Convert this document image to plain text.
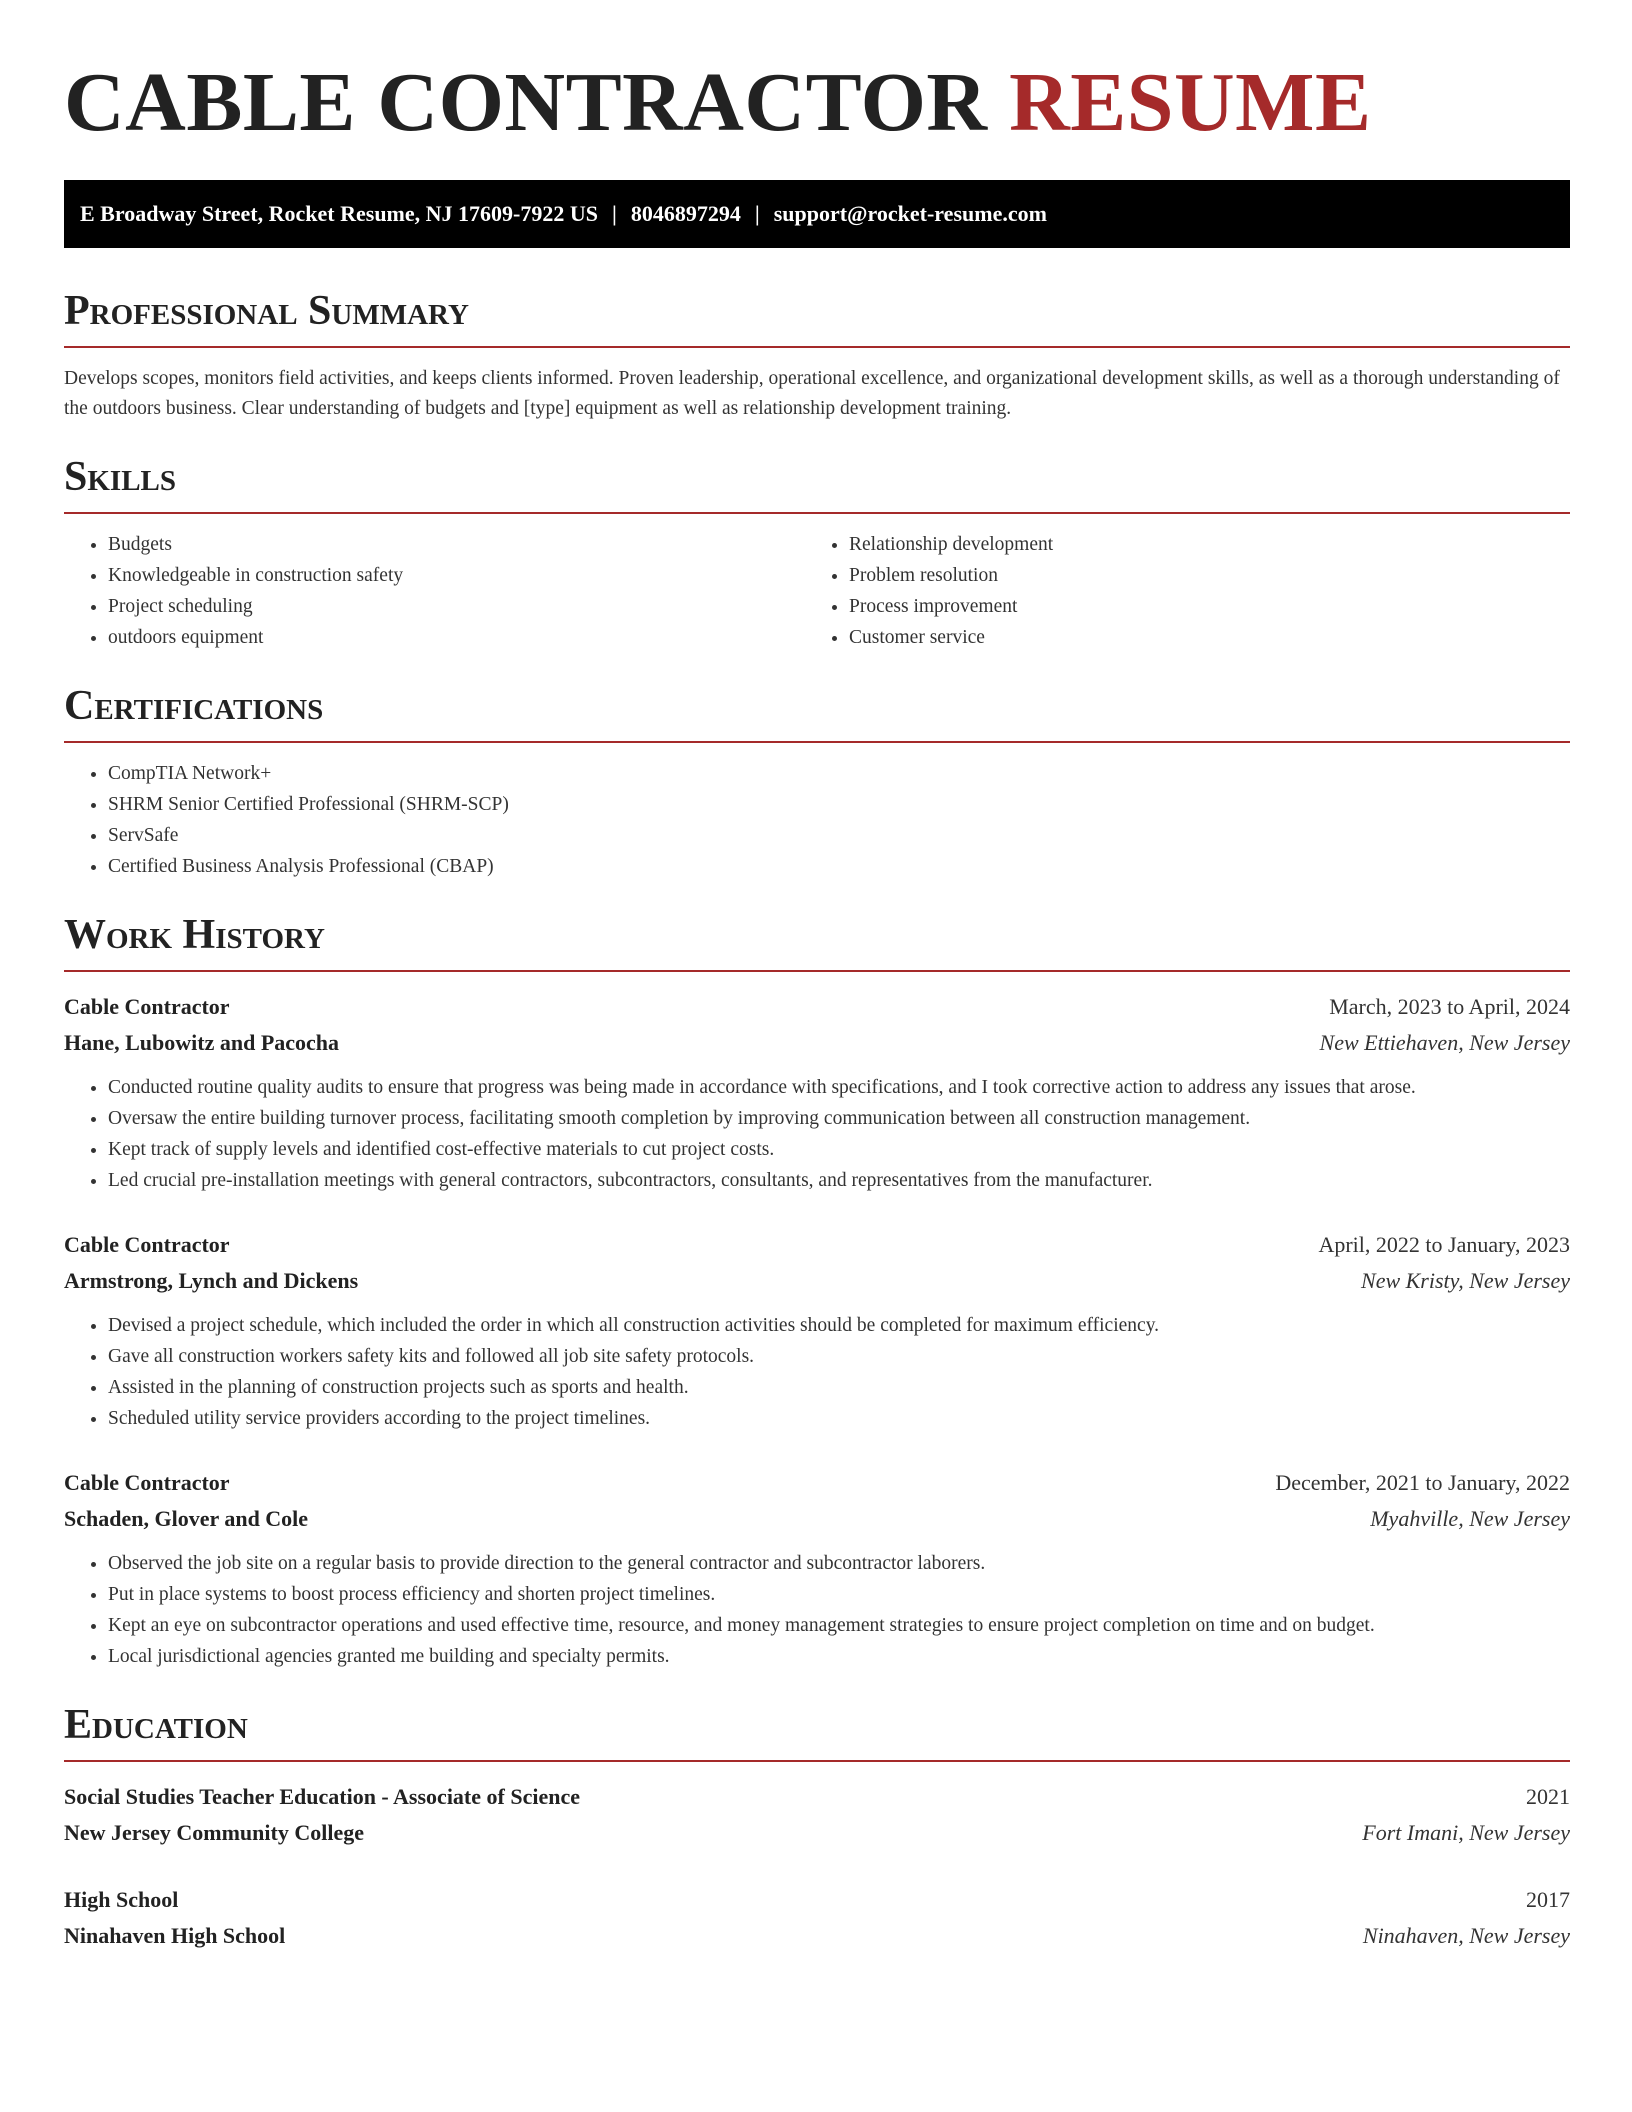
CABLE CONTRACTOR RESUME
E Broadway Street, Rocket Resume, NJ 17609-7922 US | 8046897294 | support@rocket-resume.com
Professional Summary

Develops scopes, monitors field activities, and keeps clients informed. Proven leadership, operational excellence, and organizational development skills, as well as a thorough understanding of the outdoors business. Clear understanding of budgets and [type] equipment as well as relationship development training.

Skills
• Budgets
• Knowledgeable in construction safety
• Project scheduling
• outdoors equipment
• Relationship development
• Problem resolution
• Process improvement
• Customer service
Certifications
• CompTIA Network+
• SHRM Senior Certified Professional (SHRM-SCP)
• ServSafe
• Certified Business Analysis Professional (CBAP)
Work History
Cable Contractor	March, 2023 to April, 2024
Hane, Lubowitz and Pacocha	New Ettiehaven, New Jersey
• Conducted routine quality audits to ensure that progress was being made in accordance with specifications, and I took corrective action to address any issues that arose.
• Oversaw the entire building turnover process, facilitating smooth completion by improving communication between all construction management.
• Kept track of supply levels and identified cost-effective materials to cut project costs.
• Led crucial pre-installation meetings with general contractors, subcontractors, consultants, and representatives from the manufacturer.
Cable Contractor	April, 2022 to January, 2023
Armstrong, Lynch and Dickens	New Kristy, New Jersey
• Devised a project schedule, which included the order in which all construction activities should be completed for maximum efficiency.
• Gave all construction workers safety kits and followed all job site safety protocols.
• Assisted in the planning of construction projects such as sports and health.
• Scheduled utility service providers according to the project timelines.
Cable Contractor	December, 2021 to January, 2022
Schaden, Glover and Cole	Myahville, New Jersey
• Observed the job site on a regular basis to provide direction to the general contractor and subcontractor laborers.
• Put in place systems to boost process efficiency and shorten project timelines.
• Kept an eye on subcontractor operations and used effective time, resource, and money management strategies to ensure project completion on time and on budget.
• Local jurisdictional agencies granted me building and specialty permits.
Education
Social Studies Teacher Education - Associate of Science	2021
New Jersey Community College	Fort Imani, New Jersey
High School	2017
Ninahaven High School	Ninahaven, New Jersey
